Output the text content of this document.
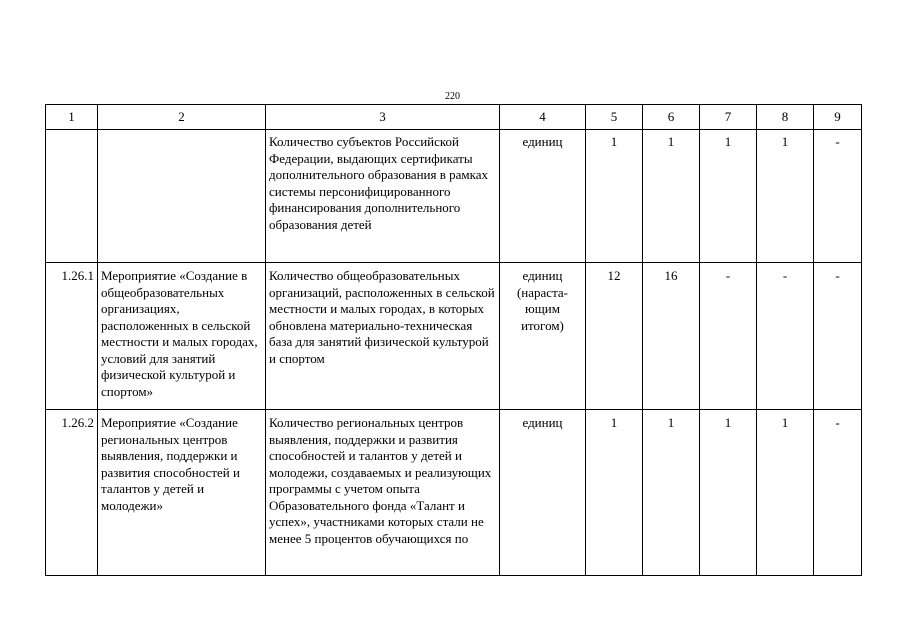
220
1	2	3	4	5	6	7	8	9
		Количество субъектов Российской Федерации, выдающих сертификаты дополнительного образования в рамках системы персонифицированного финансирования дополнительного образования детей	единиц	1	1	1	1	-
1.26.1	Мероприятие «Создание в общеобразовательных организациях, расположенных в сельской местности и малых городах, условий для занятий физической культурой и спортом»	Количество общеобразовательных организаций, расположенных в сельской местности и малых городах, в которых обновлена материально-техническая база для занятий физической культурой и спортом	единиц (нараста-ющим итогом)	12	16	-	-	-
1.26.2	Мероприятие «Создание региональных центров выявления, поддержки и развития способностей и талантов у детей и молодежи»	Количество региональных центров выявления, поддержки и развития способностей и талантов у детей и молодежи, создаваемых и реализующих программы с учетом опыта Образовательного фонда «Талант и успех», участниками которых стали не менее 5 процентов обучающихся по	единиц	1	1	1	1	-
